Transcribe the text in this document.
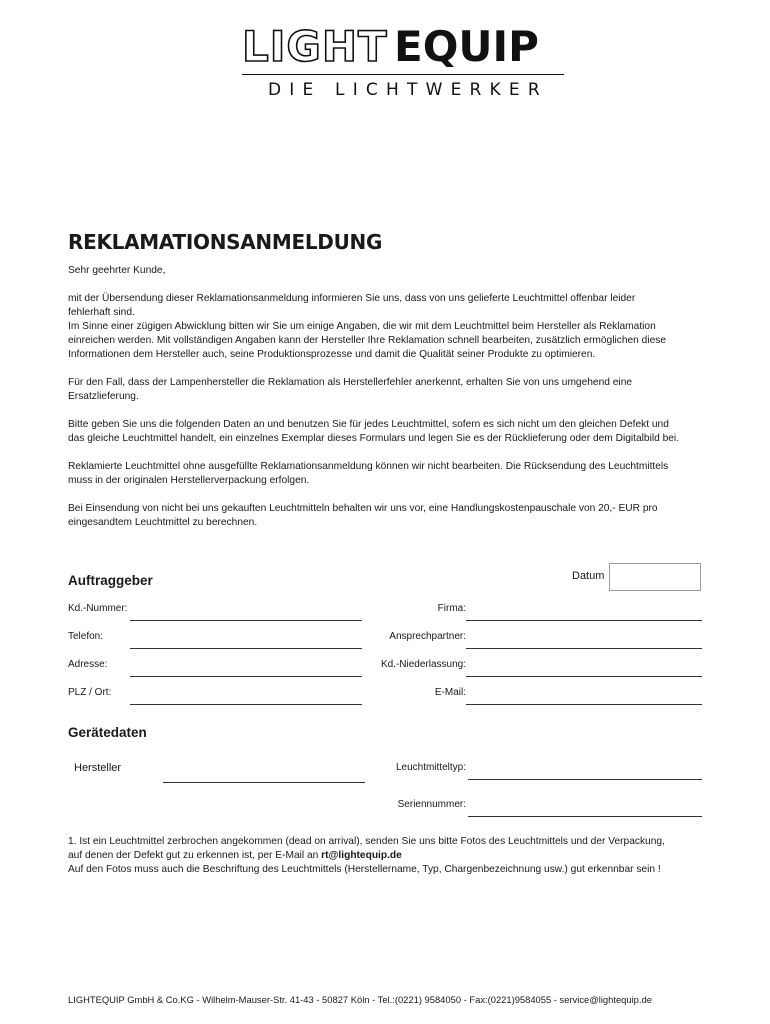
LIGHT EQUIP
DIE LICHTWERKER
REKLAMATIONSANMELDUNG

Sehr geehrter Kunde,

mit der Übersendung dieser Reklamationsanmeldung informieren Sie uns, dass von uns gelieferte Leuchtmittel offenbar leider
fehlerhaft sind.
Im Sinne einer zügigen Abwicklung bitten wir Sie um einige Angaben, die wir mit dem Leuchtmittel beim Hersteller als Reklamation
einreichen werden. Mit vollständigen Angaben kann der Hersteller Ihre Reklamation schnell bearbeiten, zusätzlich ermöglichen diese
Informationen dem Hersteller auch, seine Produktionsprozesse und damit die Qualität seiner Produkte zu optimieren.

Für den Fall, dass der Lampenhersteller die Reklamation als Herstellerfehler anerkennt, erhalten Sie von uns umgehend eine
Ersatzlieferung.

Bitte geben Sie uns die folgenden Daten an und benutzen Sie für jedes Leuchtmittel, sofern es sich nicht um den gleichen Defekt und
das gleiche Leuchtmittel handelt, ein einzelnes Exemplar dieses Formulars und legen Sie es der Rücklieferung oder dem Digitalbild bei.

Reklamierte Leuchtmittel ohne ausgefüllte Reklamationsanmeldung können wir nicht bearbeiten. Die Rücksendung des Leuchtmittels
muss in der originalen Herstellerverpackung erfolgen.

Bei Einsendung von nicht bei uns gekauften Leuchtmitteln behalten wir uns vor, eine Handlungskostenpauschale von 20,- EUR pro
eingesandtem Leuchtmittel zu berechnen.

Auftraggeber	Datum
Kd.-Nummer:	Firma:
Telefon:	Ansprechpartner:
Adresse:	Kd.-Niederlassung:
PLZ / Ort:	E-Mail:
Gerätedaten
Hersteller	Leuchtmitteltyp:
Seriennummer:

1. Ist ein Leuchtmittel zerbrochen angekommen (dead on arrival), senden Sie uns bitte Fotos des Leuchtmittels und der Verpackung,
auf denen der Defekt gut zu erkennen ist, per E-Mail an rt@lightequip.de
Auf den Fotos muss auch die Beschriftung des Leuchtmittels (Herstellername, Typ, Chargenbezeichnung usw.) gut erkennbar sein !

LIGHTEQUIP GmbH & Co.KG - Wilhelm-Mauser-Str. 41-43 - 50827 Köln - Tel.:(0221) 9584050 - Fax:(0221)9584055 - service@lightequip.de
